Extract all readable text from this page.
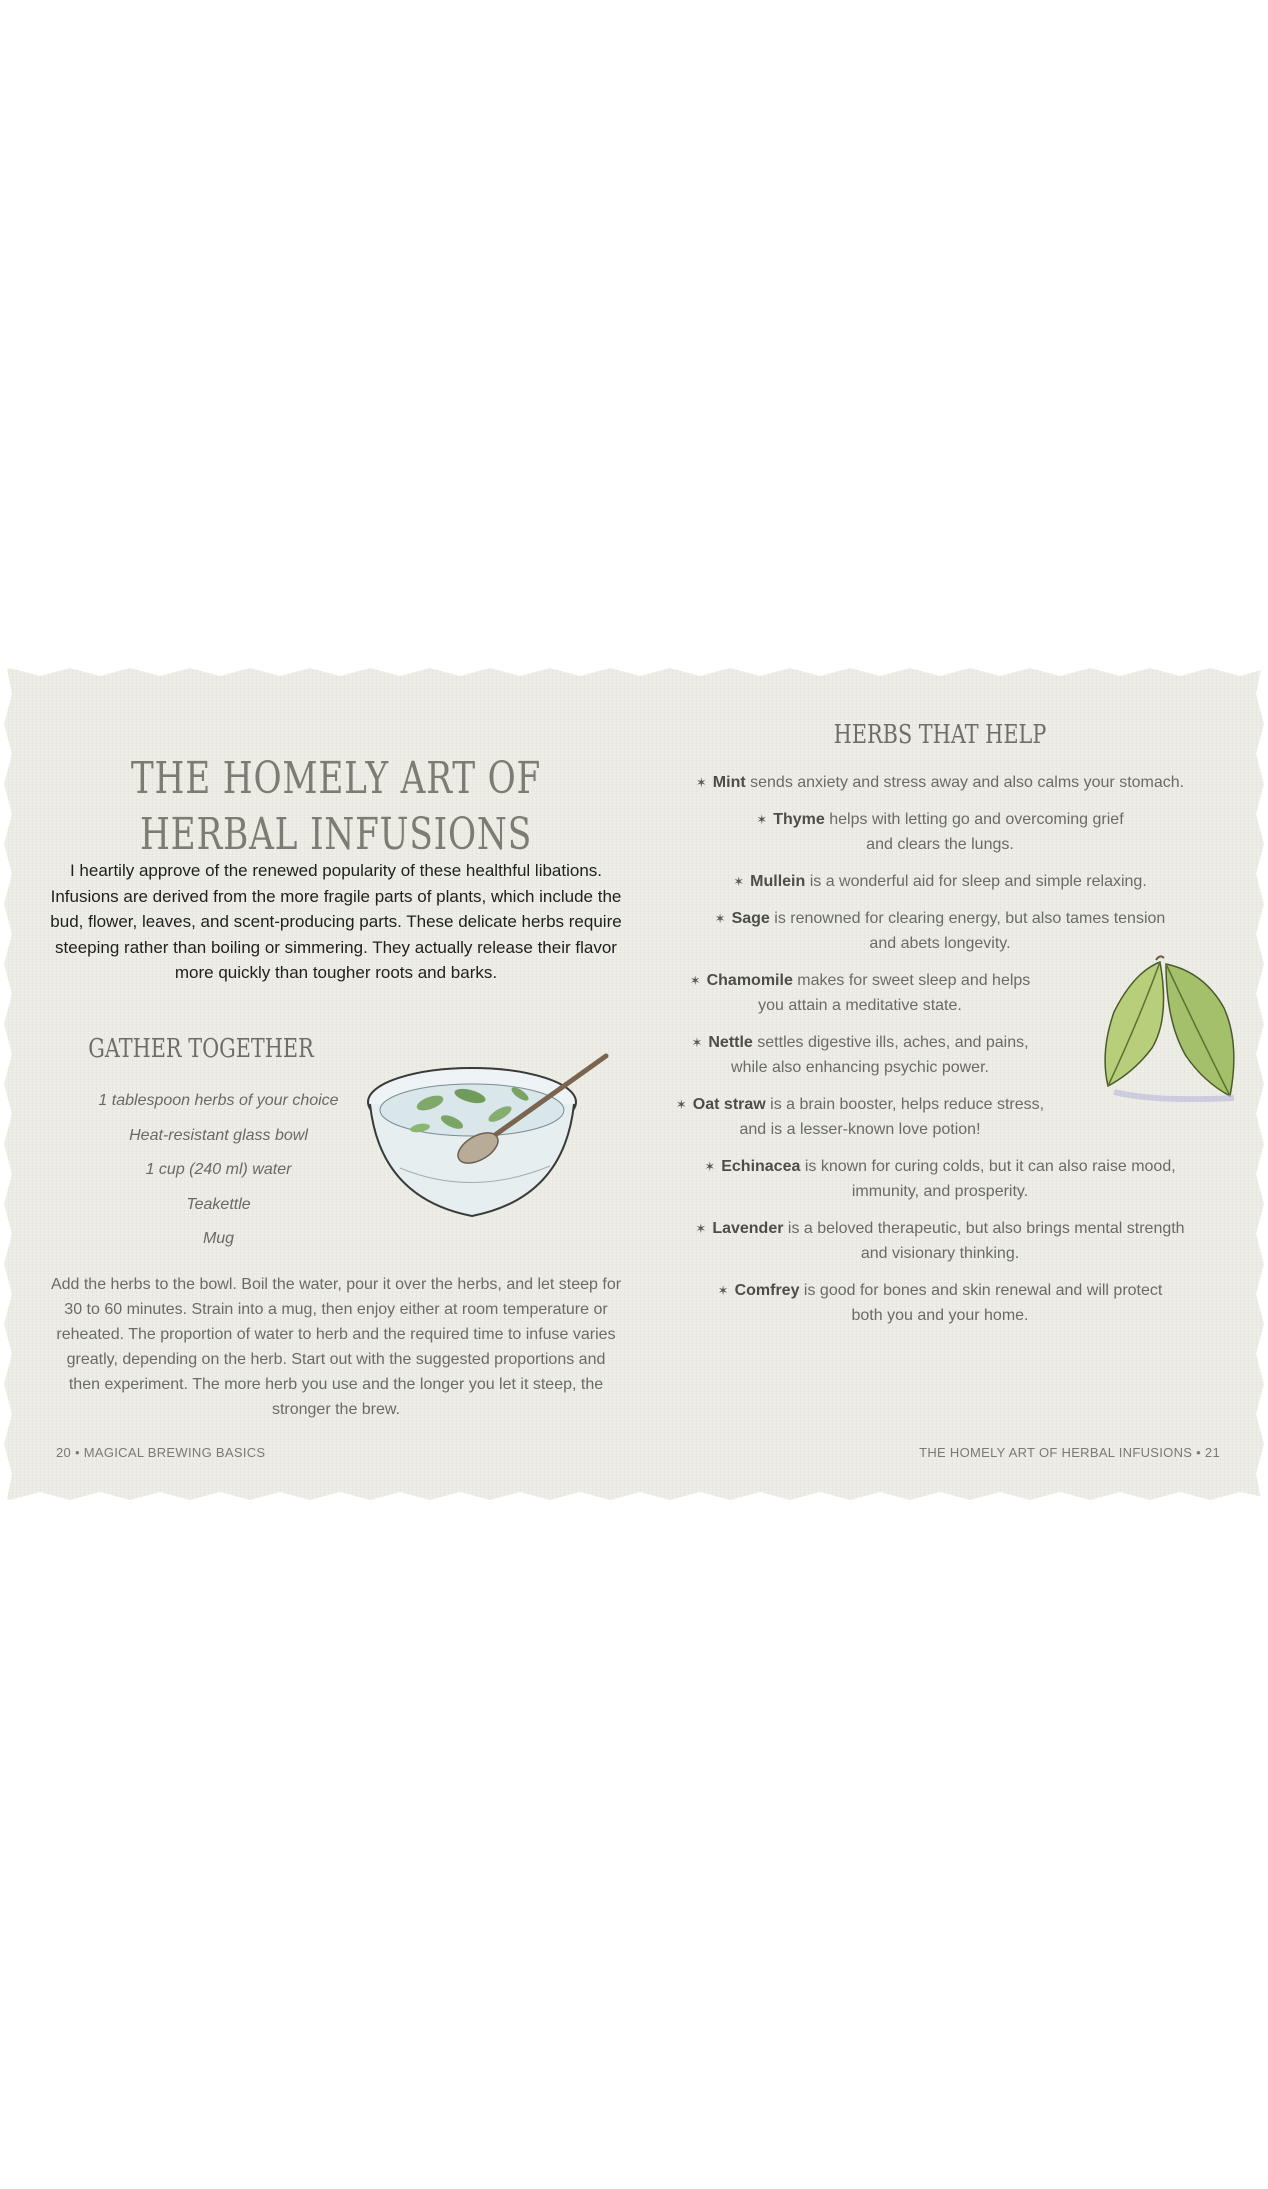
THE HOMELY ART OF
HERBAL INFUSIONS

I heartily approve of the renewed popularity of these healthful libations. Infusions are derived from the more fragile parts of plants, which include the bud, flower, leaves, and scent-producing parts. These delicate herbs require steeping rather than boiling or simmering. They actually release their flavor more quickly than tougher roots and barks.

GATHER TOGETHER
1 tablespoon herbs of your choice
Heat-resistant glass bowl
1 cup (240 ml) water
Teakettle
Mug

Add the herbs to the bowl. Boil the water, pour it over the herbs, and let steep for 30 to 60 minutes. Strain into a mug, then enjoy either at room temperature or reheated. The proportion of water to herb and the required time to infuse varies greatly, depending on the herb. Start out with the suggested proportions and then experiment. The more herb you use and the longer you let it steep, the stronger the brew.

20 • MAGICAL BREWING BASICS
HERBS THAT HELP
✶ Mint sends anxiety and stress away and also calms your stomach.
✶ Thyme helps with letting go and overcoming grief
and clears the lungs.
✶ Mullein is a wonderful aid for sleep and simple relaxing.
✶ Sage is renowned for clearing energy, but also tames tension
and abets longevity.
✶ Chamomile makes for sweet sleep and helps
you attain a meditative state.
✶ Nettle settles digestive ills, aches, and pains,
while also enhancing psychic power.
✶ Oat straw is a brain booster, helps reduce stress,
and is a lesser-known love potion!
✶ Echinacea is known for curing colds, but it can also raise mood,
immunity, and prosperity.
✶ Lavender is a beloved therapeutic, but also brings mental strength
and visionary thinking.
✶ Comfrey is good for bones and skin renewal and will protect
both you and your home.
THE HOMELY ART OF HERBAL INFUSIONS • 21
